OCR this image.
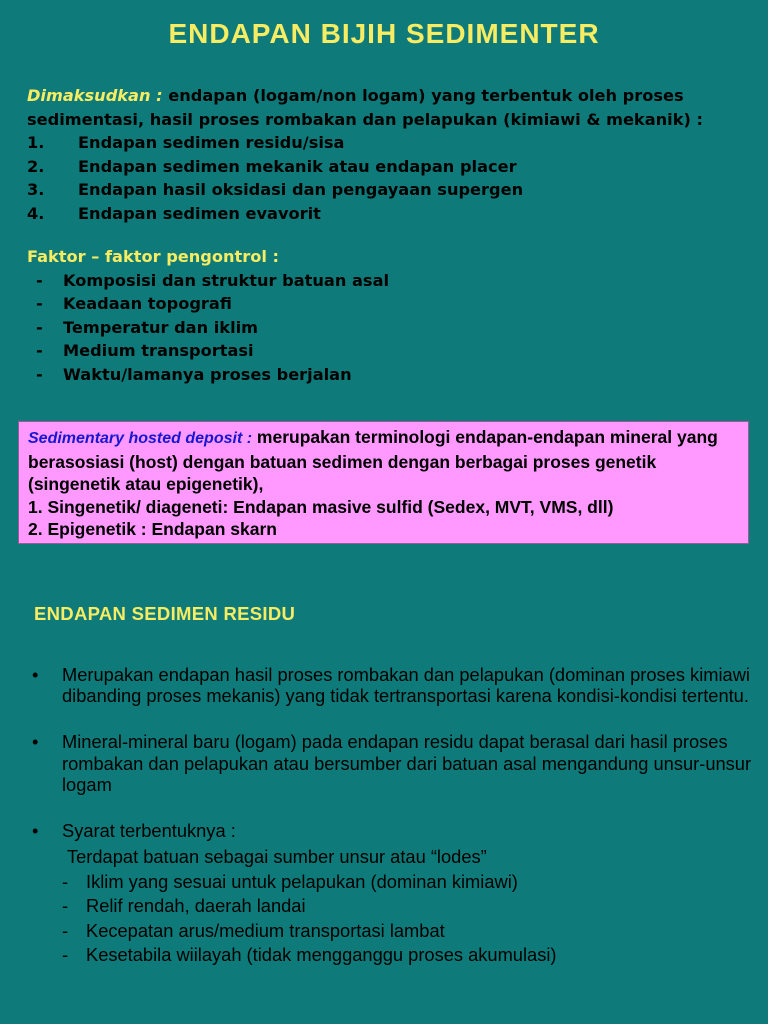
ENDAPAN BIJIH SEDIMENTER
Dimaksudkan : endapan (logam/non logam) yang terbentuk oleh proses sedimentasi, hasil proses rombakan dan pelapukan (kimiawi & mekanik) :
1.	Endapan sedimen residu/sisa
2.	Endapan sedimen mekanik atau endapan placer
3.	Endapan hasil oksidasi dan pengayaan supergen
4.	Endapan sedimen evavorit
Faktor – faktor pengontrol :
-	Komposisi dan struktur batuan asal
-	Keadaan topografi
-	Temperatur dan iklim
-	Medium transportasi
-	Waktu/lamanya proses berjalan
Sedimentary hosted deposit : merupakan terminologi endapan-endapan mineral yang berasosiasi (host) dengan batuan sedimen dengan berbagai proses genetik (singenetik atau epigenetik),
1. Singenetik/ diageneti: Endapan masive sulfid (Sedex, MVT, VMS, dll)
2. Epigenetik : Endapan skarn
ENDAPAN SEDIMEN RESIDU
•	Merupakan endapan hasil proses rombakan dan pelapukan (dominan proses kimiawi dibanding proses mekanis) yang tidak tertransportasi karena kondisi-kondisi tertentu.
•	Mineral-mineral baru (logam) pada endapan residu dapat berasal dari hasil proses rombakan dan pelapukan atau bersumber dari batuan asal mengandung unsur-unsur logam
•	Syarat terbentuknya :
Terdapat batuan sebagai sumber unsur atau “lodes”
- Iklim yang sesuai untuk pelapukan (dominan kimiawi)
- Relif rendah, daerah landai
- Kecepatan arus/medium transportasi lambat
- Kesetabila wiilayah (tidak mengganggu proses akumulasi)
